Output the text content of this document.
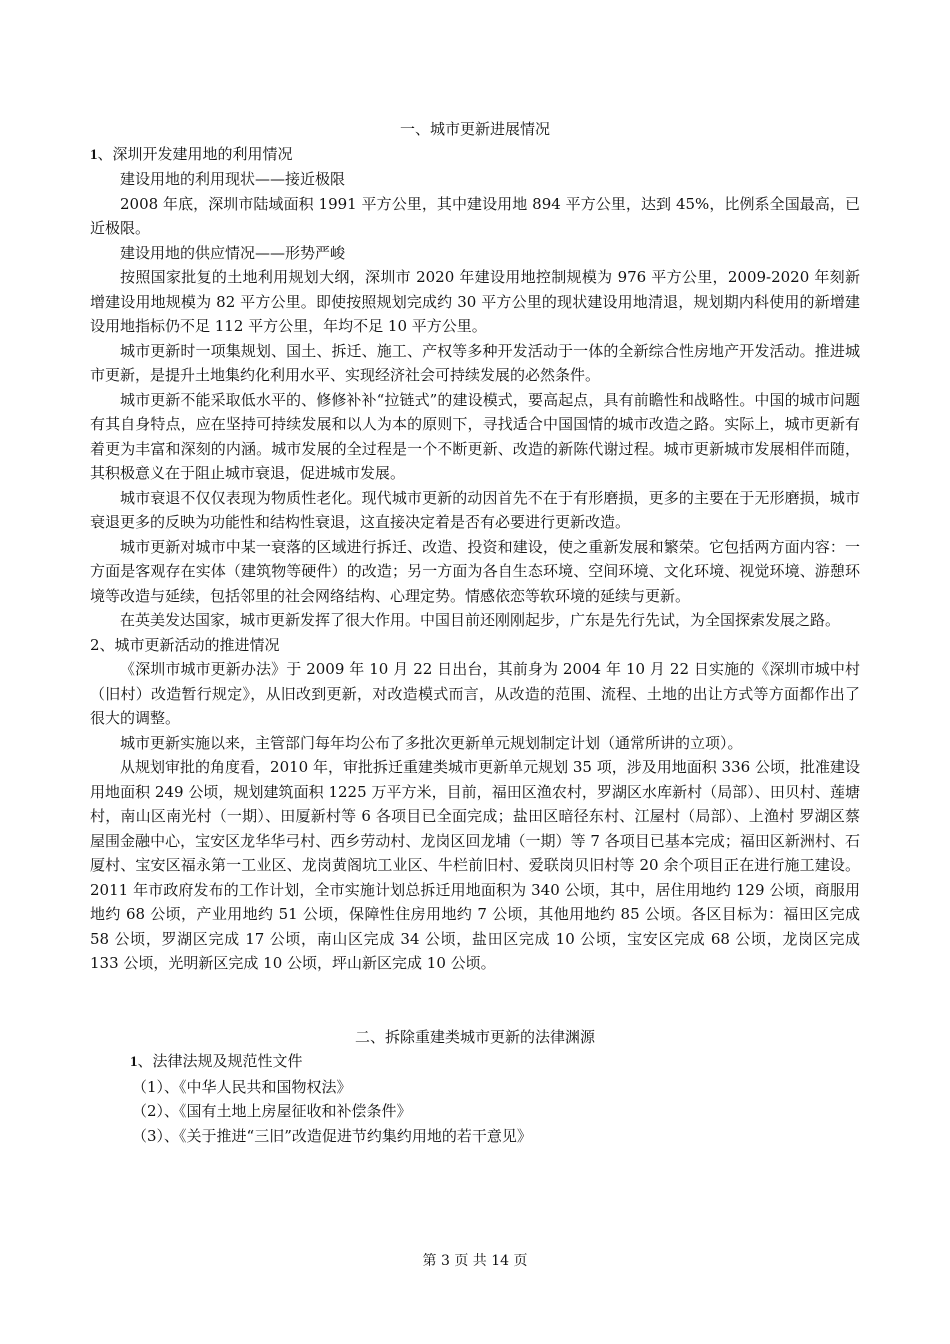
一、城市更新进展情况

1、深圳开发建用地的利用情况

建设用地的利用现状——接近极限

2008 年底，深圳市陆域面积 1991 平方公里，其中建设用地 894 平方公里，达到 45%，比例系全国最高，已近极限。

建设用地的供应情况——形势严峻

按照国家批复的土地利用规划大纲，深圳市 2020 年建设用地控制规模为 976 平方公里，2009-2020 年刻新增建设用地规模为 82 平方公里。即使按照规划完成约 30 平方公里的现状建设用地清退，规划期内科使用的新增建设用地指标仍不足 112 平方公里，年均不足 10 平方公里。

城市更新时一项集规划、国土、拆迁、施工、产权等多种开发活动于一体的全新综合性房地产开发活动。推进城市更新，是提升土地集约化利用水平、实现经济社会可持续发展的必然条件。

城市更新不能采取低水平的、修修补补“拉链式”的建设模式，要高起点，具有前瞻性和战略性。中国的城市问题有其自身特点，应在坚持可持续发展和以人为本的原则下，寻找适合中国国情的城市改造之路。实际上，城市更新有着更为丰富和深刻的内涵。城市发展的全过程是一个不断更新、改造的新陈代谢过程。城市更新城市发展相伴而随，其积极意义在于阻止城市衰退，促进城市发展。

城市衰退不仅仅表现为物质性老化。现代城市更新的动因首先不在于有形磨损，更多的主要在于无形磨损，城市衰退更多的反映为功能性和结构性衰退，这直接决定着是否有必要进行更新改造。

城市更新对城市中某一衰落的区域进行拆迁、改造、投资和建设，使之重新发展和繁荣。它包括两方面内容：一方面是客观存在实体（建筑物等硬件）的改造；另一方面为各自生态环境、空间环境、文化环境、视觉环境、游憩环境等改造与延续，包括邻里的社会网络结构、心理定势。情感依恋等软环境的延续与更新。

在英美发达国家，城市更新发挥了很大作用。中国目前还刚刚起步，广东是先行先试，为全国探索发展之路。

2、城市更新活动的推进情况

《深圳市城市更新办法》于 2009 年 10 月 22 日出台，其前身为 2004 年 10 月 22 日实施的《深圳市城中村（旧村）改造暂行规定》，从旧改到更新，对改造模式而言，从改造的范围、流程、土地的出让方式等方面都作出了很大的调整。

城市更新实施以来，主管部门每年均公布了多批次更新单元规划制定计划（通常所讲的立项）。

从规划审批的角度看，2010 年，审批拆迁重建类城市更新单元规划 35 项，涉及用地面积 336 公顷，批准建设用地面积 249 公顷，规划建筑面积 1225 万平方米，目前，福田区渔农村，罗湖区水库新村（局部）、田贝村、莲塘村，南山区南光村（一期）、田厦新村等 6 各项目已全面完成；盐田区暗径东村、江屋村（局部）、上渔村 罗湖区蔡屋围金融中心，宝安区龙华华弓村、西乡劳动村、龙岗区回龙埔（一期）等 7 各项目已基本完成；福田区新洲村、石厦村、宝安区福永第一工业区、龙岗黄阁坑工业区、牛栏前旧村、爱联岗贝旧村等 20 余个项目正在进行施工建设。2011 年市政府发布的工作计划，全市实施计划总拆迁用地面积为 340 公顷，其中，居住用地约 129 公顷，商服用地约 68 公顷，产业用地约 51 公顷，保障性住房用地约 7 公顷，其他用地约 85 公顷。各区目标为：福田区完成 58 公顷，罗湖区完成 17 公顷，南山区完成 34 公顷，盐田区完成 10 公顷，宝安区完成 68 公顷，龙岗区完成 133 公顷，光明新区完成 10 公顷，坪山新区完成 10 公顷。

二、拆除重建类城市更新的法律渊源

1、法律法规及规范性文件

（1）、《中华人民共和国物权法》

（2）、《国有土地上房屋征收和补偿条件》

（3）、《关于推进“三旧”改造促进节约集约用地的若干意见》

第 3 页 共 14 页
